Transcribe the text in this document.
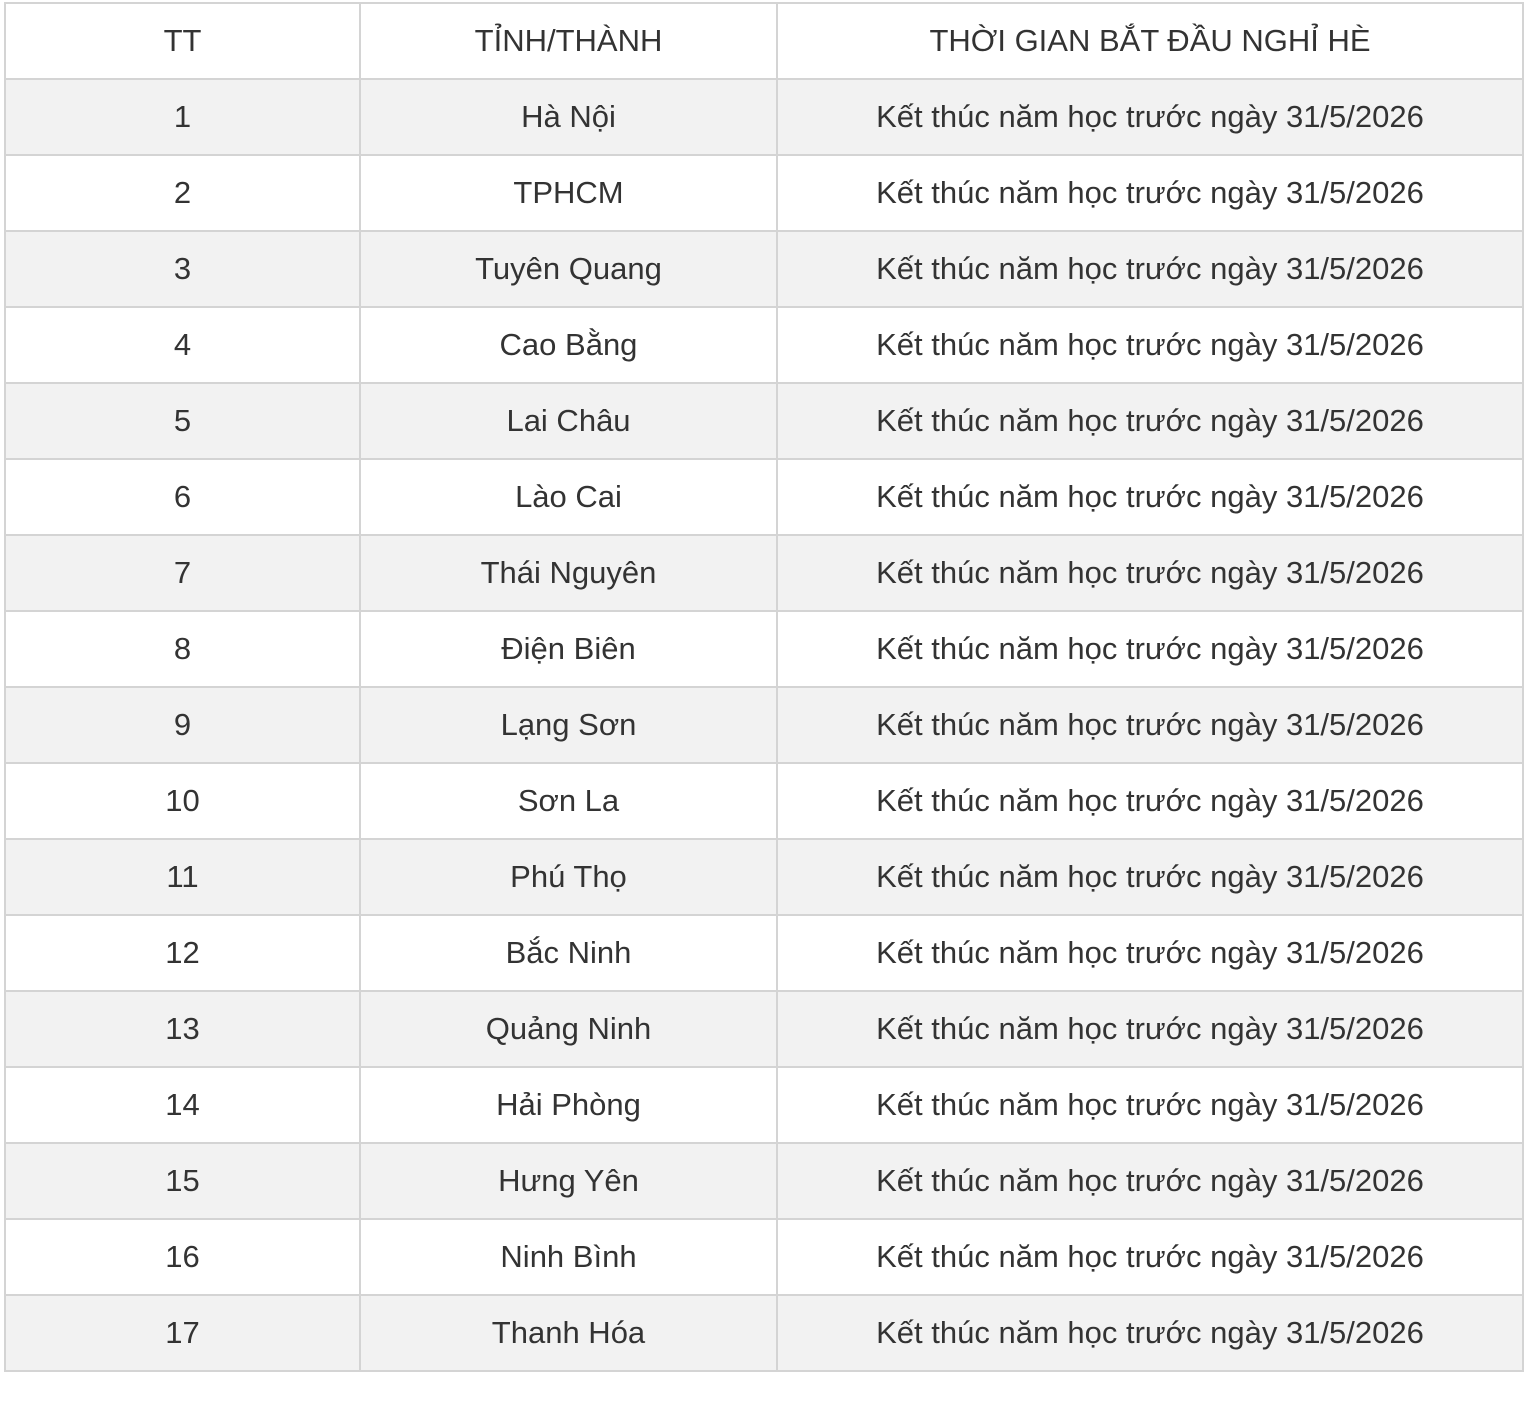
TT	TỈNH/THÀNH	THỜI GIAN BẮT ĐẦU NGHỈ HÈ
1	Hà Nội	Kết thúc năm học trước ngày 31/5/2026
2	TPHCM	Kết thúc năm học trước ngày 31/5/2026
3	Tuyên Quang	Kết thúc năm học trước ngày 31/5/2026
4	Cao Bằng	Kết thúc năm học trước ngày 31/5/2026
5	Lai Châu	Kết thúc năm học trước ngày 31/5/2026
6	Lào Cai	Kết thúc năm học trước ngày 31/5/2026
7	Thái Nguyên	Kết thúc năm học trước ngày 31/5/2026
8	Điện Biên	Kết thúc năm học trước ngày 31/5/2026
9	Lạng Sơn	Kết thúc năm học trước ngày 31/5/2026
10	Sơn La	Kết thúc năm học trước ngày 31/5/2026
11	Phú Thọ	Kết thúc năm học trước ngày 31/5/2026
12	Bắc Ninh	Kết thúc năm học trước ngày 31/5/2026
13	Quảng Ninh	Kết thúc năm học trước ngày 31/5/2026
14	Hải Phòng	Kết thúc năm học trước ngày 31/5/2026
15	Hưng Yên	Kết thúc năm học trước ngày 31/5/2026
16	Ninh Bình	Kết thúc năm học trước ngày 31/5/2026
17	Thanh Hóa	Kết thúc năm học trước ngày 31/5/2026
